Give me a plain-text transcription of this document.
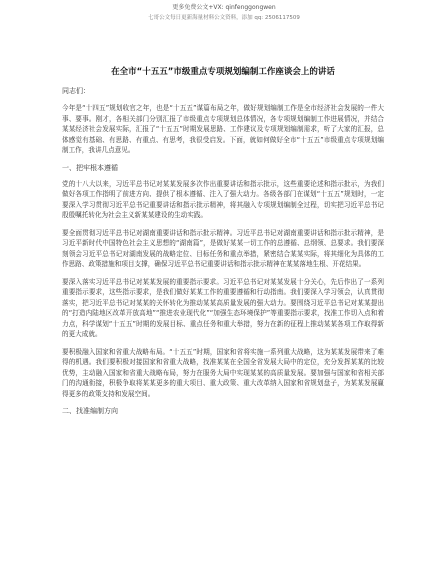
更多免费公文+VX: qinfenggongwen
七哥公文每日更新海量材料公文资料，添加 qq: 2506117509
在全市“十五五”市级重点专项规划编制工作座谈会上的讲话
同志们：

今年是“十四五”规划收官之年，也是“十五五”谋篇布局之年，做好规划编制工作是全市经济社会发展的一件大事、要事。刚才，各相关部门分别汇报了市级重点专项规划总体情况，各专项规划编制工作进展情况，并结合某某经济社会发展实际，汇报了“十五五”时期发展思路、工作建议及专项规划编制需求，听了大家的汇报，总体感觉有基础、有思路、有重点、有思考，我很受启发。下面，就如何做好全市“十五五”市级重点专项规划编制工作，我讲几点意见。

一、把牢根本遵循

党的十八大以来，习近平总书记对某某发展多次作出重要讲话和指示批示，这些重要论述和指示批示，为我们做好各项工作指明了前进方向、提供了根本遵循、注入了强大动力。各级各部门在谋划“十五五”规划时，一定要深入学习贯彻习近平总书记重要讲话和指示批示精神，将其融入专项规划编制全过程，切实把习近平总书记殷殷嘱托转化为社会主义新某某建设的生动实践。

要全面贯彻习近平总书记对湖南重要讲话和指示批示精神。习近平总书记对湖南重要讲话和指示批示精神，是习近平新时代中国特色社会主义思想的“湖南篇”，是做好某某一切工作的总遵循、总纲领、总要求。我们要深刻领会习近平总书记对湖南发展的战略定位、目标任务和重点举措，紧密结合某某实际，将其细化为具体的工作思路、政策措施和项目支撑，确保习近平总书记重要讲话和指示批示精神在某某落地生根、开花结果。

要深入落实习近平总书记对某某发展的重要指示要求。习近平总书记对某某发展十分关心，先后作出了一系列重要指示要求，这些指示要求，是我们做好某某工作的重要遵循和行动指南。我们要深入学习领会，认真贯彻落实，把习近平总书记对某某的关怀转化为推动某某高质量发展的强大动力。要围绕习近平总书记对某某提出的“打造内陆地区改革开放高地”“推进农业现代化”“加强生态环境保护”等重要指示要求，找准工作切入点和着力点，科学谋划“十五五”时期的发展目标、重点任务和重大举措，努力在新的征程上推动某某各项工作取得新的更大成就。

要积极融入国家和省重大战略布局。“十五五”时期，国家和省将实施一系列重大战略，这为某某发展带来了难得的机遇。我们要积极对接国家和省重大战略，找准某某在全国全省发展大局中的定位，充分发挥某某的比较优势，主动融入国家和省重大战略布局，努力在服务大局中实现某某的高质量发展。要加强与国家和省相关部门的沟通衔接，积极争取将某某更多的重大项目、重大政策、重大改革纳入国家和省规划盘子，为某某发展赢得更多的政策支持和发展空间。

二、找准编制方向
